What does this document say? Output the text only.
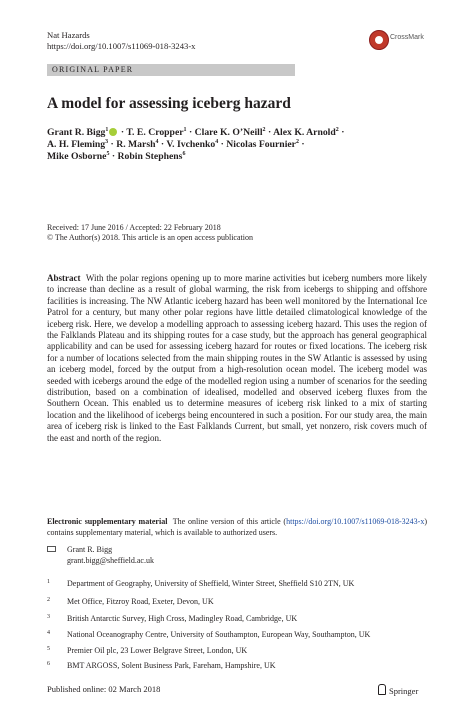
Nat Hazards
https://doi.org/10.1007/s11069-018-3243-x
CrossMark
ORIGINAL PAPER
A model for assessing iceberg hazard
Grant R. Bigg$^1$ · T. E. Cropper$^1$ · Clare K. O’Neill$^2$ · Alex K. Arnold$^2$ ·
A. H. Fleming$^3$ · R. Marsh$^4$ · V. Ivchenko$^4$ · Nicolas Fournier$^2$ ·
Mike Osborne$^5$ · Robin Stephens$^6$
Received: 17 June 2016 / Accepted: 22 February 2018
© The Author(s) 2018. This article is an open access publication
Abstract With the polar regions opening up to more marine activities but iceberg numbers more likely to increase than decline as a result of global warming, the risk from icebergs to shipping and offshore facilities is increasing. The NW Atlantic iceberg hazard has been well monitored by the International Ice Patrol for a century, but many other polar regions have little detailed climatological knowledge of the iceberg risk. Here, we develop a modelling approach to assessing iceberg hazard. This uses the region of the Falklands Plateau and its shipping routes for a case study, but the approach has general geographical applicability and can be used for assessing iceberg hazard for routes or fixed locations. The iceberg risk for a number of locations selected from the main shipping routes in the SW Atlantic is assessed by using an iceberg model, forced by the output from a high-resolution ocean model. The iceberg model was seeded with icebergs around the edge of the modelled region using a number of scenarios for the seeding distribution, based on a combination of idealised, modelled and observed iceberg fluxes from the Southern Ocean. This enabled us to determine measures of iceberg risk linked to a mix of starting location and the likelihood of icebergs being encountered in such a position. For our study area, the main area of iceberg risk is linked to the East Falklands Current, but small, yet nonzero, risk covers much of the east and north of the region.
Electronic supplementary material The online version of this article (https://doi.org/10.1007/s11069-018-3243-x) contains supplementary material, which is available to authorized users.
Grant R. Bigg
grant.bigg@sheffield.ac.uk
1 Department of Geography, University of Sheffield, Winter Street, Sheffield S10 2TN, UK
2 Met Office, Fitzroy Road, Exeter, Devon, UK
3 British Antarctic Survey, High Cross, Madingley Road, Cambridge, UK
4 National Oceanography Centre, University of Southampton, European Way, Southampton, UK
5 Premier Oil plc, 23 Lower Belgrave Street, London, UK
6 BMT ARGOSS, Solent Business Park, Fareham, Hampshire, UK
Published online: 02 March 2018	Springer
